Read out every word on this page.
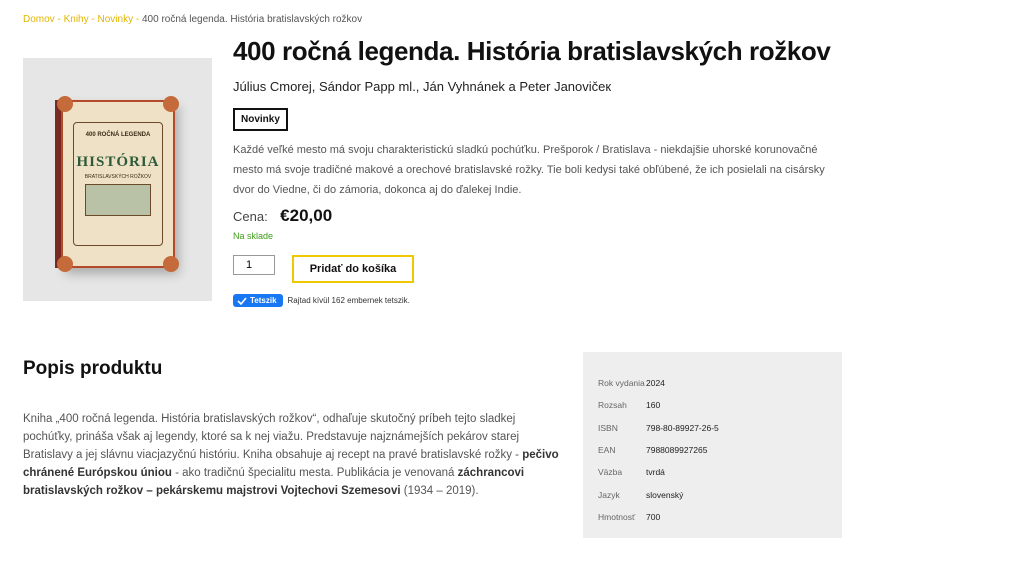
Domov - Knihy - Novinky - 400 ročná legenda. História bratislavských rožkov
400 ROČNÁ LEGENDA
HISTÓRIA
BRATISLAVSKÝCH ROŽKOV
400 ročná legenda. História bratislavských rožkov
Július Cmorej, Sándor Papp ml., Ján Vyhnánek a Peter Janovičeк
Novinky
Každé veľké mesto má svoju charakteristickú sladkú pochúťku. Prešporok / Bratislava - niekdajšie uhorské korunovačné mesto má svoje tradičné makové a orechové bratislavské rožky. Tie boli kedysi také obľúbené, že ich posielali na cisársky dvor do Viedne, či do zámoria, dokonca aj do ďalekej Indie.
Cena: €20,00
Na sklade
1
Pridať do košíka
Tetszik Rajtad kívül 162 embernek tetszik.
Popis produktu
Kniha „400 ročná legenda. História bratislavských rožkov“, odhaľuje skutočný príbeh tejto sladkej pochúťky, prináša však aj legendy, ktoré sa k nej viažu. Predstavuje najznámejších pekárov starej Bratislavy a jej slávnu viacjazyčnú históriu. Kniha obsahuje aj recept na pravé bratislavské rožky - pečivo chránené Európskou úniou - ako tradičnú špecialitu mesta. Publikácia je venovaná záchrancovi bratislavských rožkov – pekárskemu majstrovi Vojtechovi Szemesovi (1934 – 2019).
Rok vydania 2024
Rozsah	160
ISBN	798-80-89927-26-5
EAN	7988089927265
Väzba	tvrdá
Jazyk	slovenský
Hmotnosť	700
